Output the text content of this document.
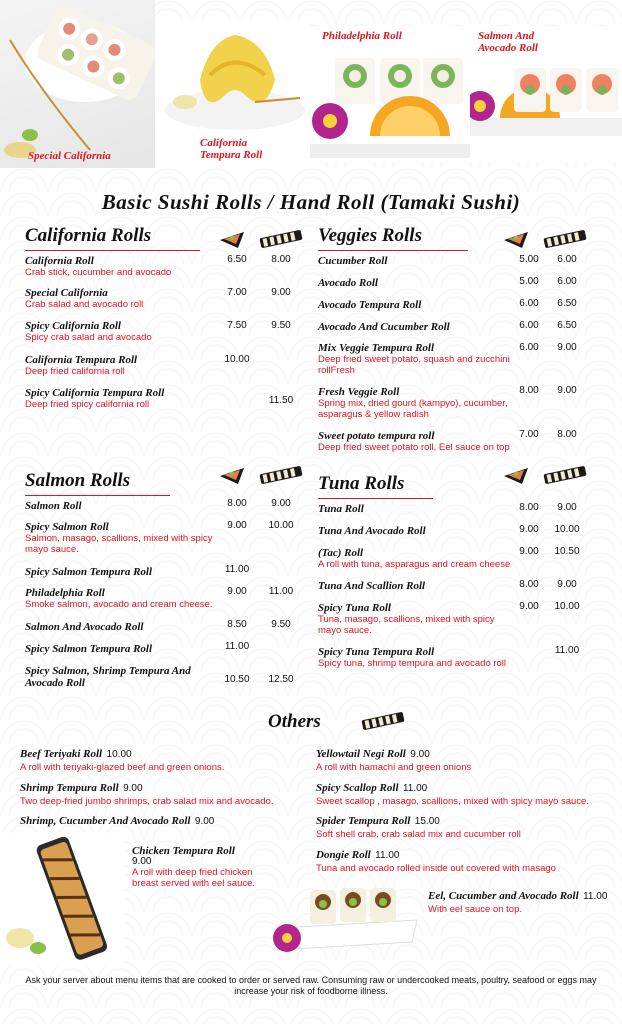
Special California
California
Tempura Roll
Philadelphia Roll	Salmon And
Avocado Roll
Basic Sushi Rolls / Hand Roll (Tamaki Sushi)
California Rolls
California Roll
Crab stick, cucumber and avocado
6.50	8.00
Special California
Crab salad and avocado roll
7.00	9.00
Spicy California Roll
Spicy crab salad and avocado
7.50	9.50
California Tempura Roll
Deep fried california roll
10.00
Spicy California Tempura Roll
Deep fried spicy california roll	11.50
Veggies Rolls
Cucumber Roll	5.00	6.00
Avocado Roll	5.00	6.00
Avocado Tempura Roll	6.00	6.50
Avocado And Cucumber Roll	6.00	6.50
Mix Veggie Tempura Roll
Deep fried sweet potato, squash and zucchini rollFresh
6.00	9.00
Fresh Veggie Roll
Spring mix, dried gourd (kampyo), cucumber, asparagus & yellow radish
8.00	9.00
Sweet potato tempura roll
Deep fried sweet potato roll, Eel sauce on top
7.00	8.00
Salmon Rolls
Salmon Roll	8.00	9.00
Spicy Salmon Roll
Salmon, masago, scallions, mixed with spicy mayo sauce.
9.00	10.00
Spicy Salmon Tempura Roll	11.00
Philadelphia Roll
Smoke salmon, avocado and cream cheese.
9.00	11.00
Salmon And Avocado Roll	8.50	9.50
Spicy Salmon Tempura Roll	11.00
Spicy Salmon, Shrimp Tempura And Avocado Roll	10.50 12.50
Tuna Rolls
Tuna Roll	8.00	9.00
Tuna And Avocado Roll	9.00	10.00
(Tac) Roll
A roll with tuna, asparagus and cream cheese
9.00	10.50
Tuna And Scallion Roll	8.00	9.00
Spicy Tuna Roll
Tuna, masago, scallions, mixed with spicy mayo sauce.
9.00	10.00
Spicy Tuna Tempura Roll
Spicy tuna, shrimp tempura and avocado roll
11.00
Others
Beef Teriyaki Roll 10.00
A roll with teriyaki-glazed beef and green onions.
Shrimp Tempura Roll 9.00
Two deep-fried jumbo shrimps, crab salad mix and avocado.
Shrimp, Cucumber And Avocado Roll 9.00
Chicken Tempura Roll
9.00
A roll with deep fried chicken breast served with eel sauce.
Yellowtail Negi Roll 9.00
A roll with hamachi and green onions
Spicy Scallop Roll 11.00
Sweet scallop , masago, scallions, mixed with spicy mayo sauce.
Spider Tempura Roll 15.00
Soft shell crab, crab salad mix and cucumber roll
Dongie Roll 11.00
Tuna and avocado rolled inside out covered with masago
Eel, Cucumber and Avocado Roll 11.00
With eel sauce on top.
Ask your server about menu items that are cooked to order or served raw. Consuming raw or undercooked meats, poultry, seafood or eggs may increase your risk of foodborne illness.
